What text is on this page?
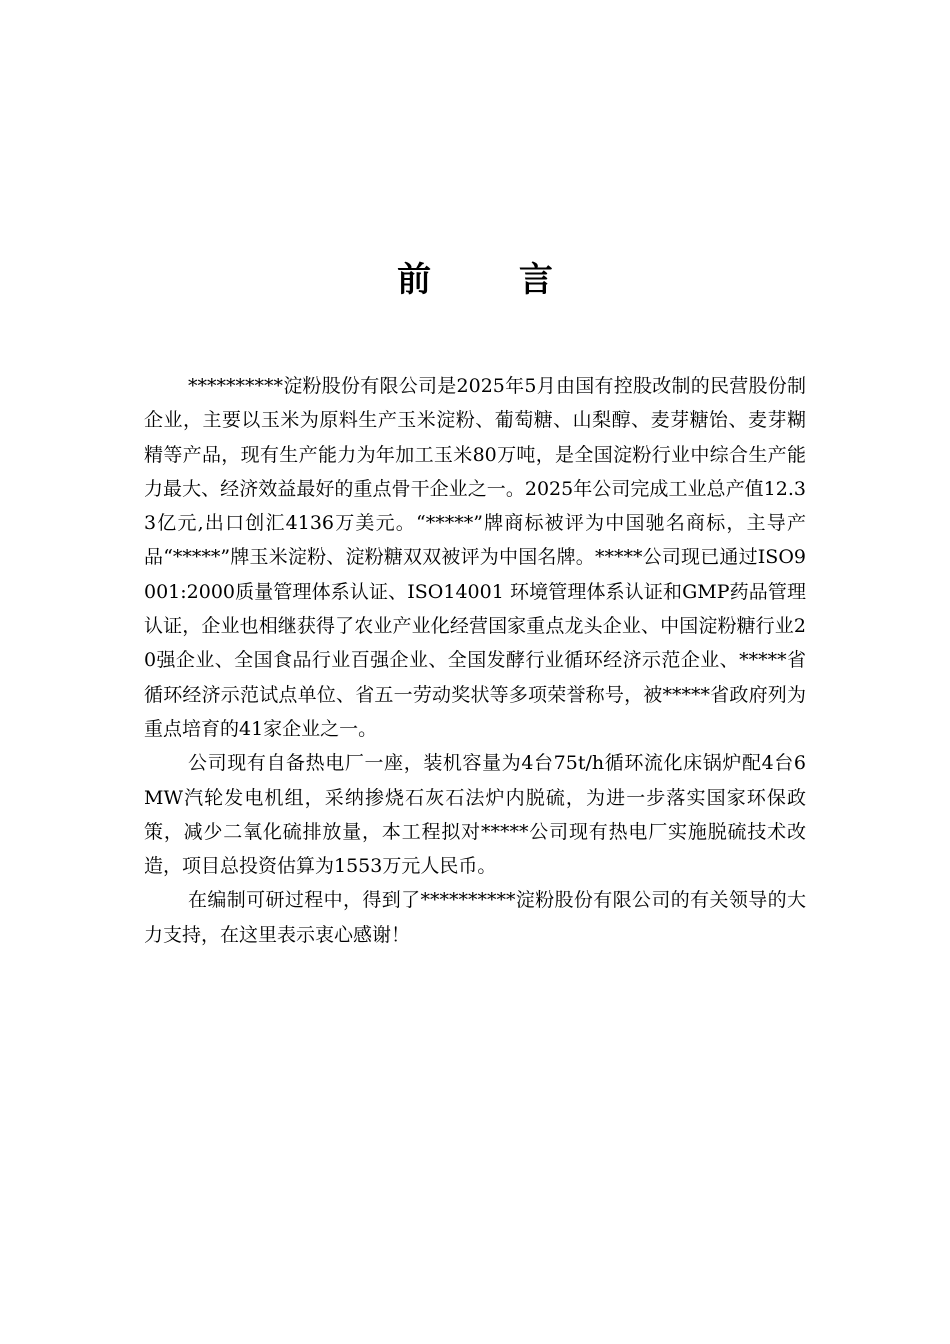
前 言

**********淀粉股份有限公司是2025年5月由国有控股改制的民营股份制企业，主要以玉米为原料生产玉米淀粉、葡萄糖、山梨醇、麦芽糖饴、麦芽糊精等产品，现有生产能力为年加工玉米80万吨，是全国淀粉行业中综合生产能力最大、经济效益最好的重点骨干企业之一。2025年公司完成工业总产值12.33亿元,出口创汇4136万美元。“*****”牌商标被评为中国驰名商标，主导产品“*****”牌玉米淀粉、淀粉糖双双被评为中国名牌。*****公司现已通过ISO9001:2000质量管理体系认证、ISO14001 环境管理体系认证和GMP药品管理认证，企业也相继获得了农业产业化经营国家重点龙头企业、中国淀粉糖行业20强企业、全国食品行业百强企业、全国发酵行业循环经济示范企业、*****省循环经济示范试点单位、省五一劳动奖状等多项荣誉称号，被*****省政府列为重点培育的41家企业之一。

公司现有自备热电厂一座，装机容量为4台75t/h循环流化床锅炉配4台6MW汽轮发电机组，采纳掺烧石灰石法炉内脱硫，为进一步落实国家环保政策，减少二氧化硫排放量，本工程拟对*****公司现有热电厂实施脱硫技术改造，项目总投资估算为1553万元人民币。

在编制可研过程中，得到了**********淀粉股份有限公司的有关领导的大力支持，在这里表示衷心感谢！
